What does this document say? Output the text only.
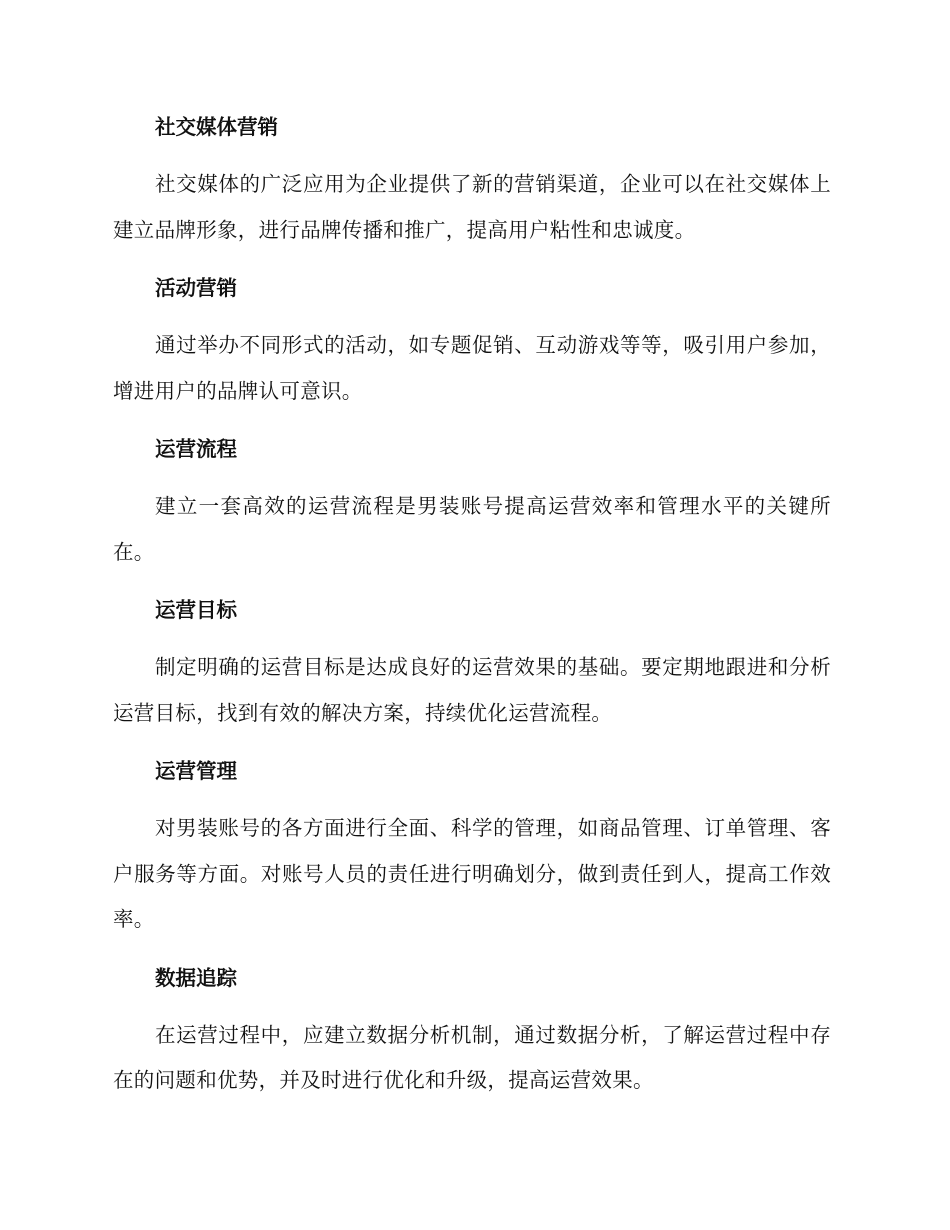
社交媒体营销

社交媒体的广泛应用为企业提供了新的营销渠道，企业可以在社交媒体上建立品牌形象，进行品牌传播和推广，提高用户粘性和忠诚度。

活动营销

通过举办不同形式的活动，如专题促销、互动游戏等等，吸引用户参加，增进用户的品牌认可意识。

运营流程

建立一套高效的运营流程是男装账号提高运营效率和管理水平的关键所在。

运营目标

制定明确的运营目标是达成良好的运营效果的基础。要定期地跟进和分析运营目标，找到有效的解决方案，持续优化运营流程。

运营管理

对男装账号的各方面进行全面、科学的管理，如商品管理、订单管理、客户服务等方面。对账号人员的责任进行明确划分，做到责任到人，提高工作效率。

数据追踪

在运营过程中，应建立数据分析机制，通过数据分析，了解运营过程中存在的问题和优势，并及时进行优化和升级，提高运营效果。
